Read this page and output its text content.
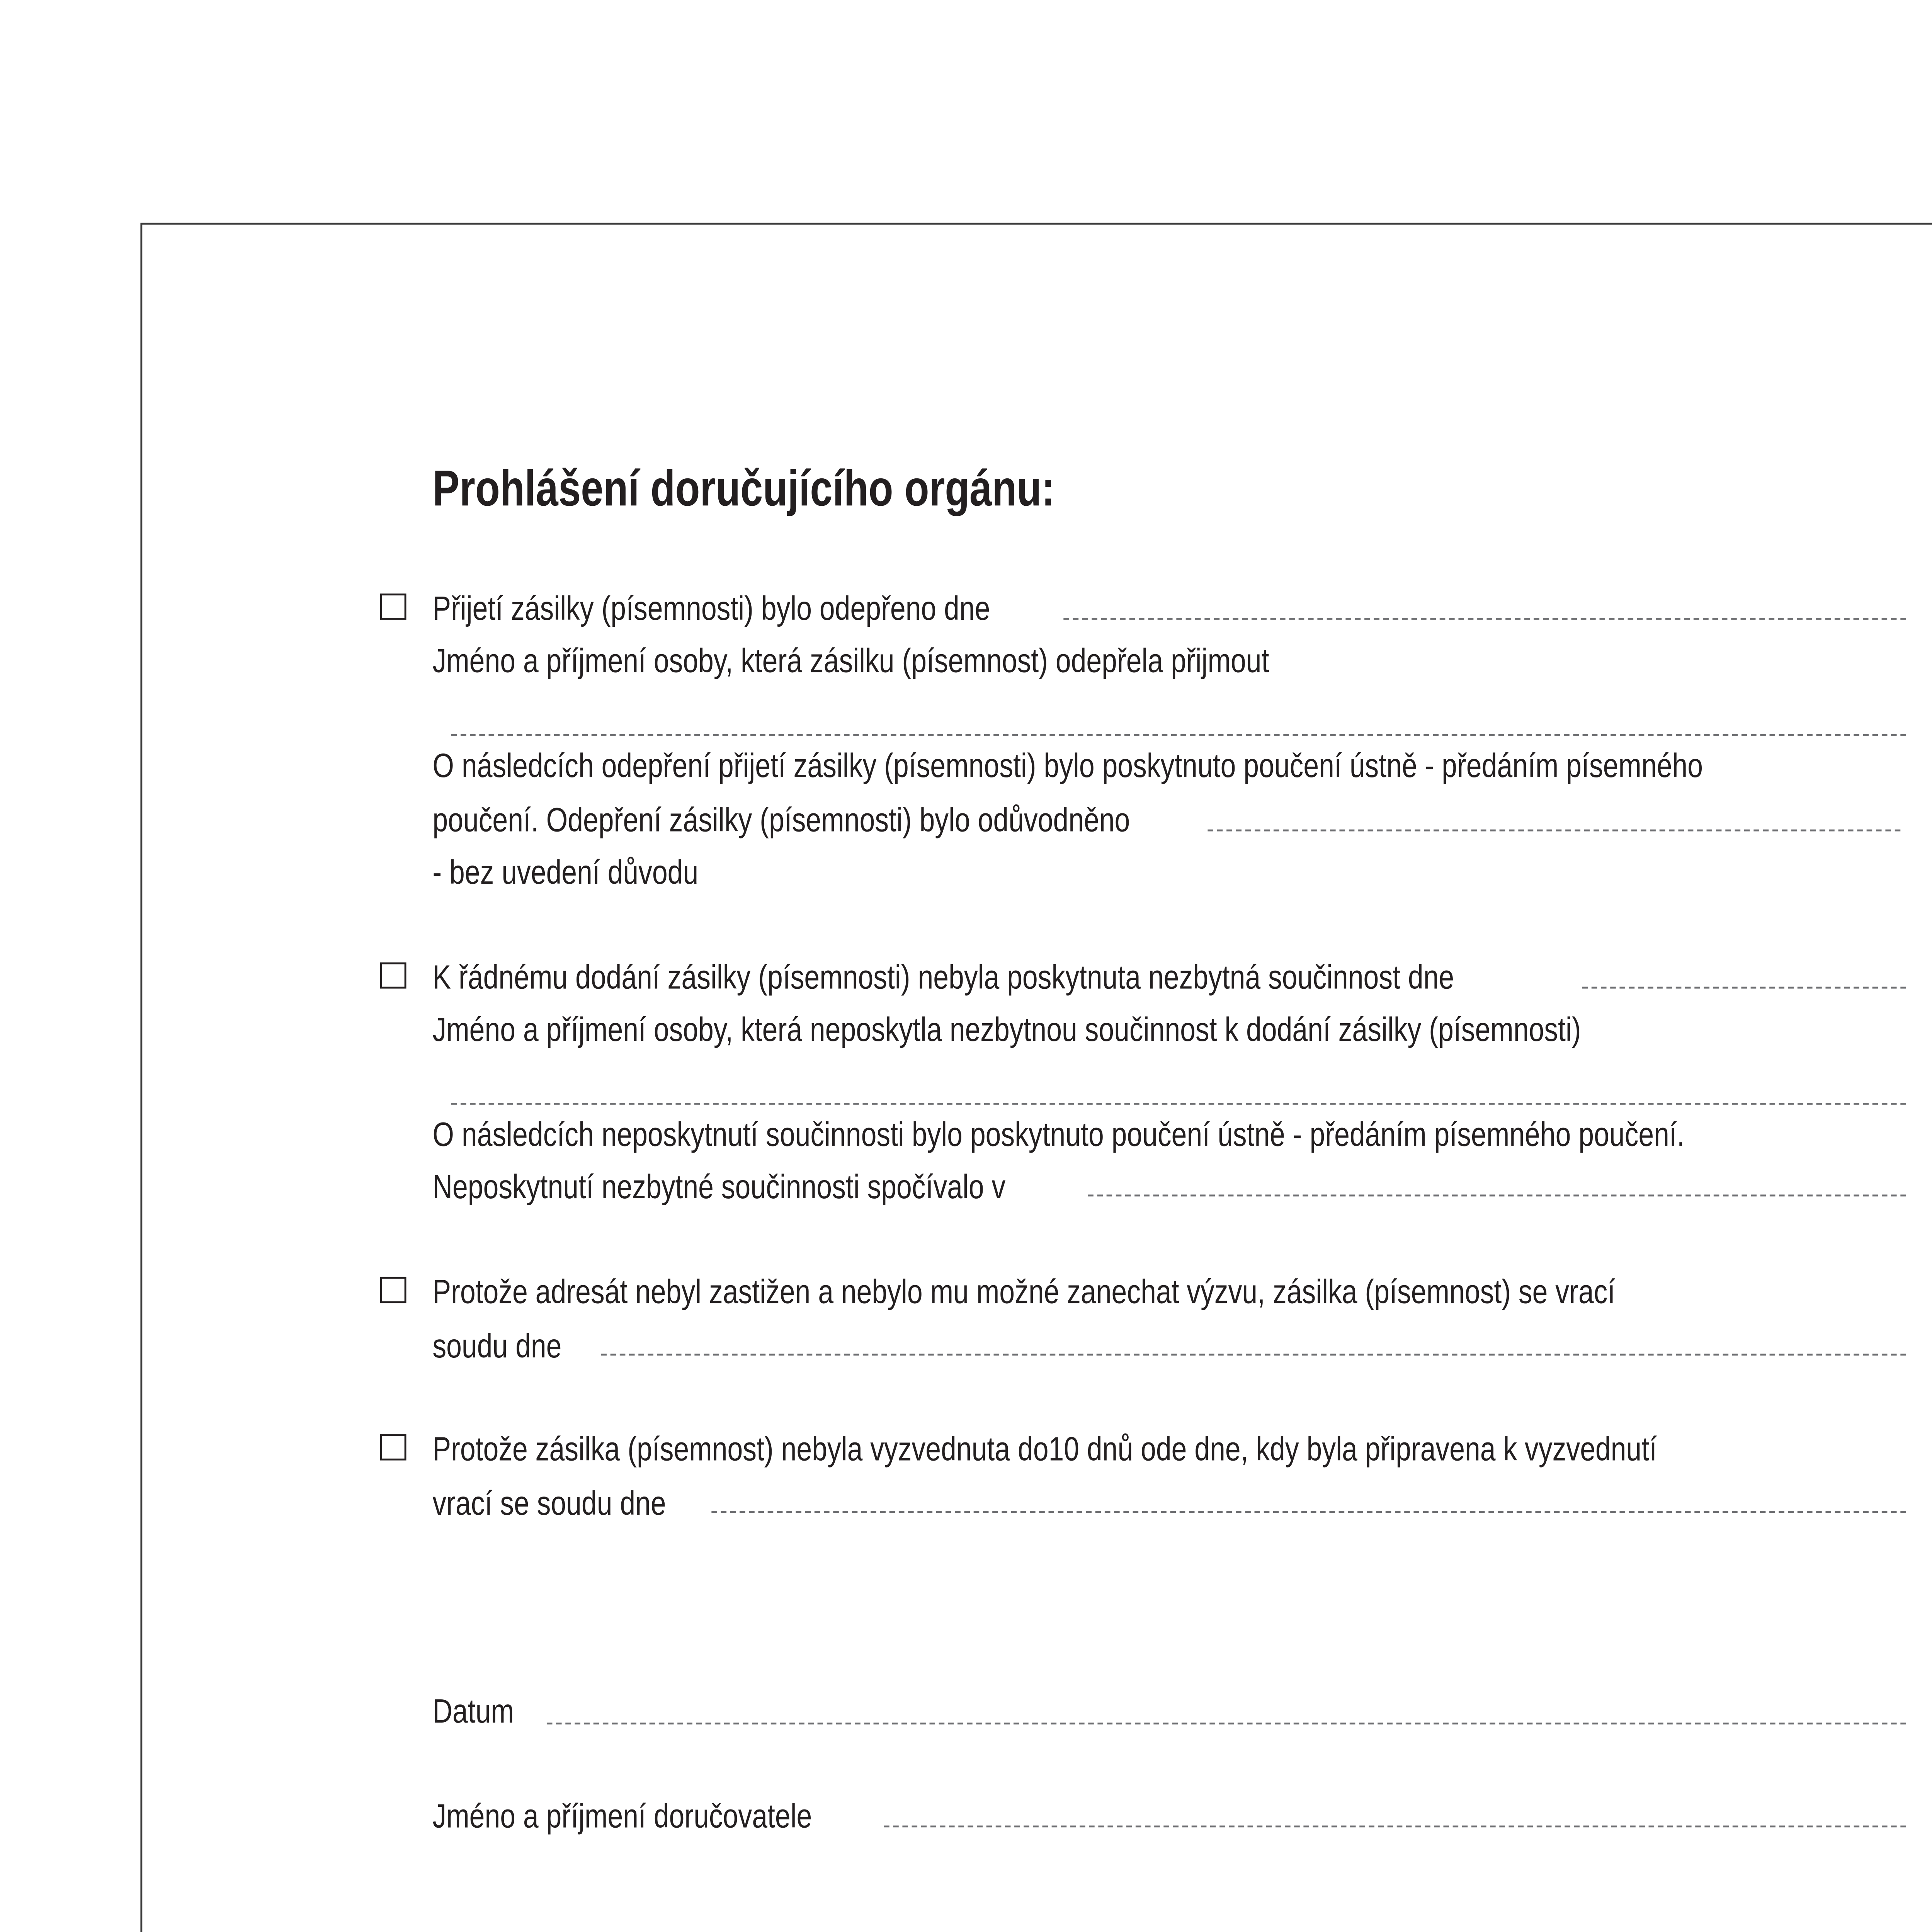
Prohlášení doručujícího orgánu:
Přijetí zásilky (písemnosti) bylo odepřeno dne
Jméno a příjmení osoby, která zásilku (písemnost) odepřela přijmout
O následcích odepření přijetí zásilky (písemnosti) bylo poskytnuto poučení ústně - předáním písemného
poučení. Odepření zásilky (písemnosti) bylo odůvodněno
- bez uvedení důvodu
K řádnému dodání zásilky (písemnosti) nebyla poskytnuta nezbytná součinnost dne
Jméno a příjmení osoby, která neposkytla nezbytnou součinnost k dodání zásilky (písemnosti)
O následcích neposkytnutí součinnosti bylo poskytnuto poučení ústně - předáním písemného poučení.
Neposkytnutí nezbytné součinnosti spočívalo v
Protože adresát nebyl zastižen a nebylo mu možné zanechat výzvu, zásilka (písemnost) se vrací
soudu dne
Protože zásilka (písemnost) nebyla vyzvednuta do10 dnů ode dne, kdy byla připravena k vyzvednutí
vrací se soudu dne
Datum
Jméno a příjmení doručovatele
